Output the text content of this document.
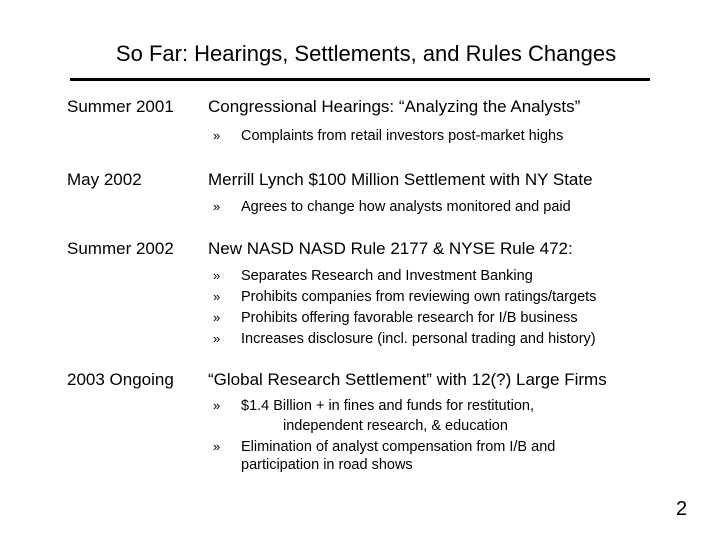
So Far: Hearings, Settlements, and Rules Changes
Summer 2001 Congressional Hearings: “Analyzing the Analysts”
» Complaints from retail investors post-market highs
May 2002	Merrill Lynch $100 Million Settlement with NY State
» Agrees to change how analysts monitored and paid
Summer 2002 New NASD NASD Rule 2177 & NYSE Rule 472:
» Separates Research and Investment Banking
» Prohibits companies from reviewing own ratings/targets
» Prohibits offering favorable research for I/B business
» Increases disclosure (incl. personal trading and history)
2003 Ongoing “Global Research Settlement” with 12(?) Large Firms
» $1.4 Billion + in fines and funds for restitution,
independent research, & education
» Elimination of analyst compensation from I/B and
participation in road shows
2
